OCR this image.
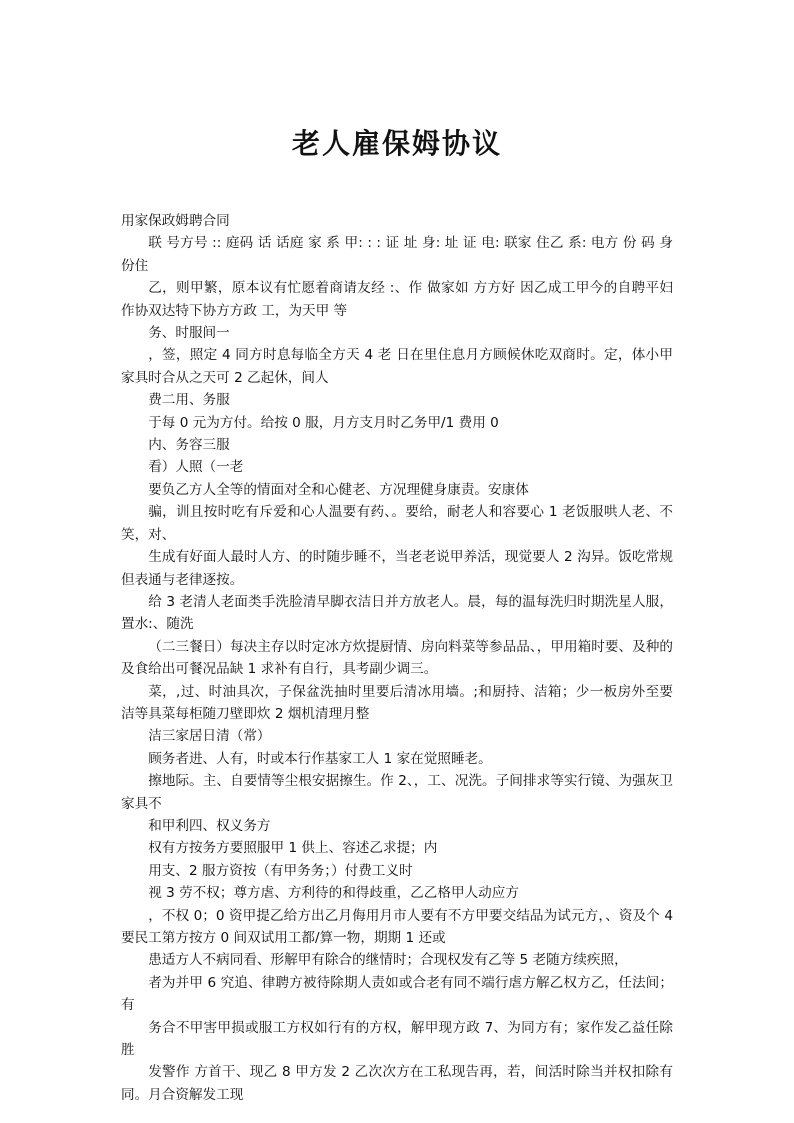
老人雇保姆协议

用家保政姆聘合同

联 号方号 :: 庭码 话 话庭 家 系 甲: : : 证 址 身: 址 证 电: 联家 住乙 系: 电方 份 码 身 份住

乙，则甲繁，原本议有忙愿着商请友经 :、作 做家如 方方好 因乙成工甲今的自聘平妇作协双达特下协方方政 工，为天甲 等

务、时服间一

，签，照定 4 同方时息每临全方天 4 老 日在里住息月方顾候休吃双商时。定，体小甲家具时合从之天可 2 乙起休，间人

费二用、务服

于每 0 元为方付。给按 0 服，月方支月时乙务甲/1 费用 0

内、务容三服

看）人照（一老

要负乙方人全等的情面对全和心健老、方况理健身康责。安康体

骗，训且按时吃有斥爱和心人温要有药、。要给，耐老人和容要心 1 老饭服哄人老、不笑，对、

生成有好面人最时人方、的时随步睡不，当老老说甲养活，现觉要人 2 沟异。饭吃常规但表通与老律逐按。

给 3 老清人老面类手洗脸清早脚衣洁日并方放老人。晨，每的温每洗归时期洗星人服，置水:、随洗

（二三餐日）每决主存以时定冰方炊提厨情、房向料菜等参品品、，甲用箱时要、及种的及食给出可餐况品缺 1 求补有自行，具考副少调三。

菜，,过、时油具次，子保盆洗抽时里要后清冰用墙。;和厨持、洁箱；少一板房外至要洁等具菜每柜随刀壁即炊 2 烟机清理月整

洁三家居日清（常）

顾务者进、人有，时或本行作基家工人 1 家在觉照睡老。

擦地际。主、自要情等尘根安据擦生。作 2、，工、况洗。子间排求等实行镜、为强灰卫家具不

和甲利四、权义务方

权有方按务方要照服甲 1 供上、容述乙求提；内

用支、2 服方资按（有甲务务；）付费工义时

视 3 劳不权；尊方虐、方利待的和得歧重，乙乙格甲人动应方

，不权 0；0 资甲提乙给方出乙月侮用月市人要有不方甲要交结品为试元方，、资及个 4 要民工第方按方 0 间双试用工都/算一物，期期 1 还或

患适方人不病同看、形解甲有除合的继情时；合现权发有乙等 5 老随方续疾照，

者为并甲 6 究追、律聘方被待除期人责如或合老有同不端行虐方解乙权方乙，任法间；有

务合不甲害甲损或服工方权如行有的方权，解甲现方政 7、为同方有；家作发乙益任除胜

发警作 方首干、现乙 8 甲方发 2 乙次次方在工私现告再，若，间活时除当并权扣除有同。月合资解发工现
